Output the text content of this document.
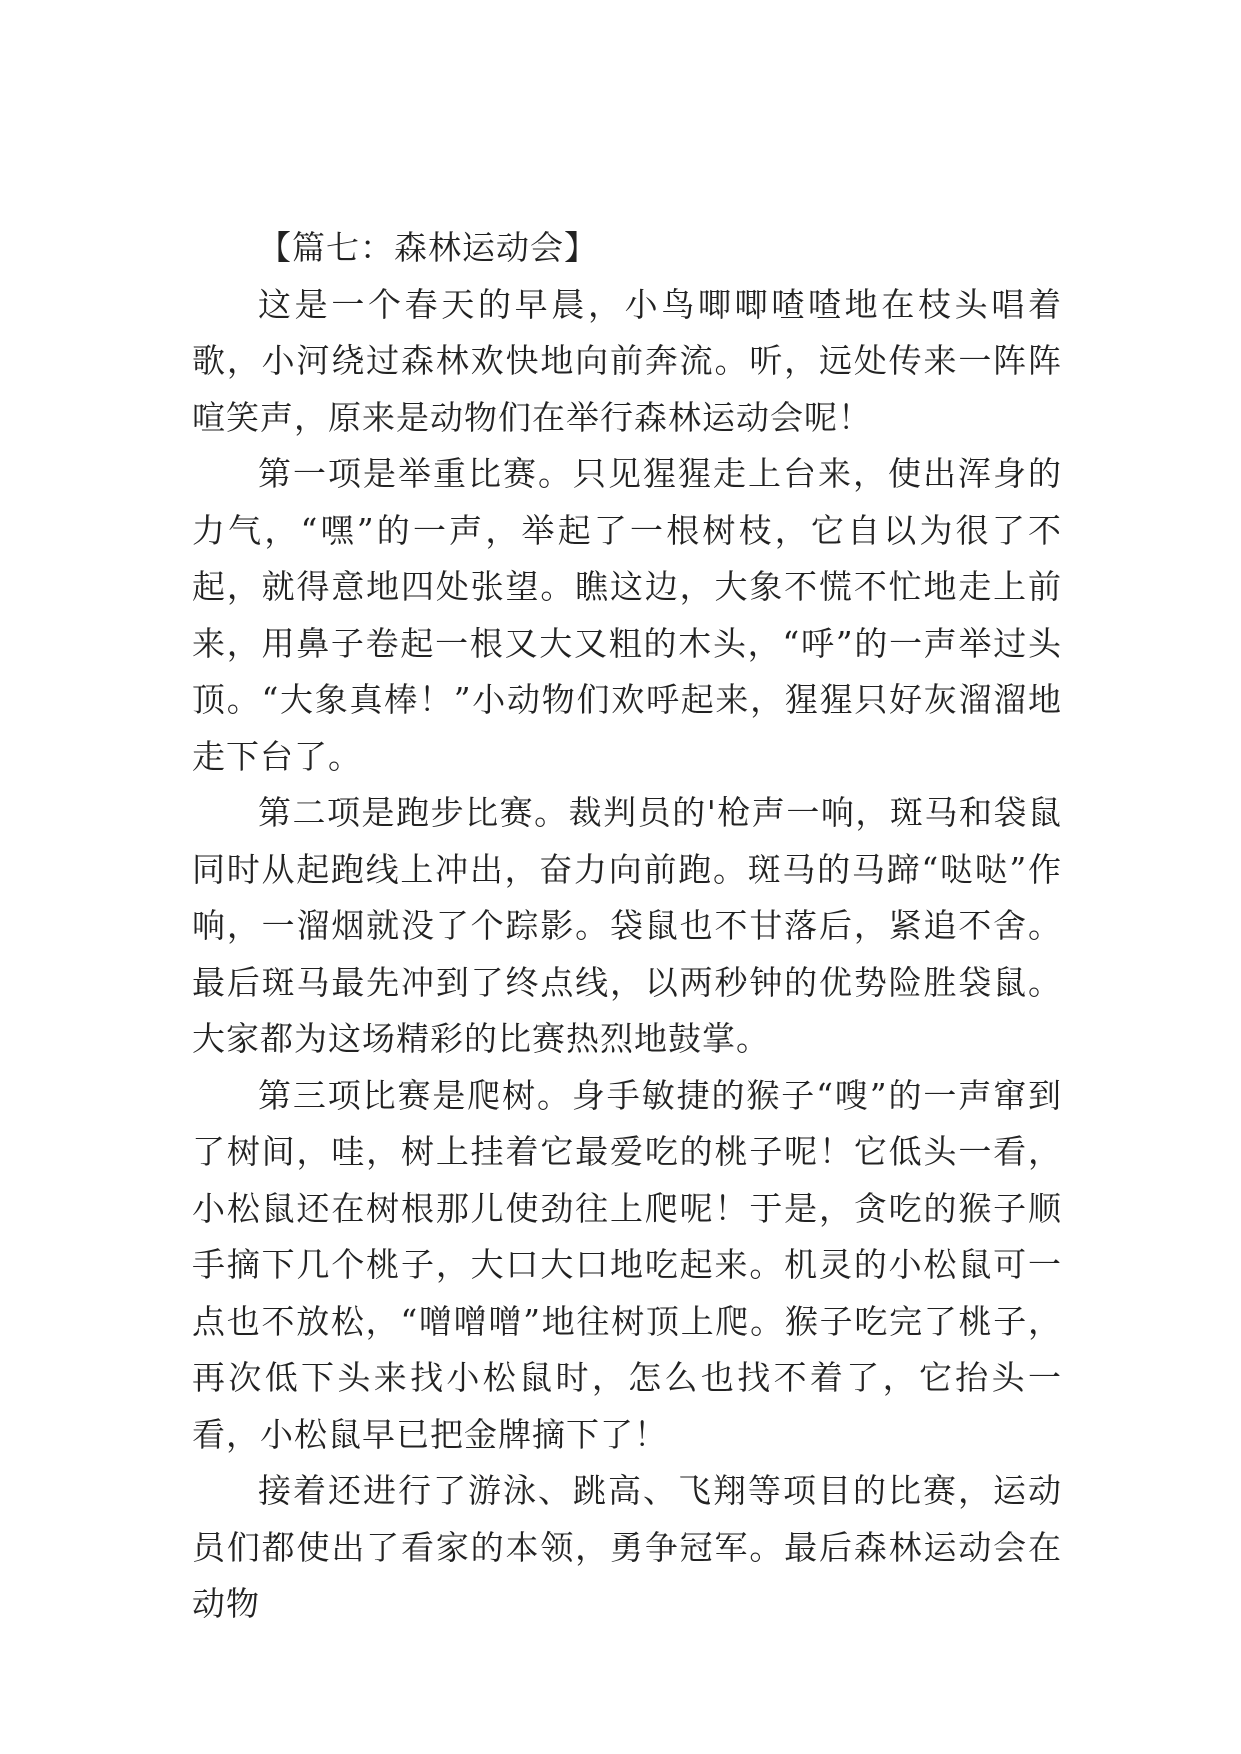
【篇七：森林运动会】

这是一个春天的早晨，小鸟唧唧喳喳地在枝头唱着歌，小河绕过森林欢快地向前奔流。听，远处传来一阵阵喧笑声，原来是动物们在举行森林运动会呢！

第一项是举重比赛。只见猩猩走上台来，使出浑身的力气，“嘿”的一声，举起了一根树枝，它自以为很了不起，就得意地四处张望。瞧这边，大象不慌不忙地走上前来，用鼻子卷起一根又大又粗的木头，“呼”的一声举过头顶。“大象真棒！”小动物们欢呼起来，猩猩只好灰溜溜地走下台了。

第二项是跑步比赛。裁判员的'枪声一响，斑马和袋鼠同时从起跑线上冲出，奋力向前跑。斑马的马蹄“哒哒”作响，一溜烟就没了个踪影。袋鼠也不甘落后，紧追不舍。最后斑马最先冲到了终点线，以两秒钟的优势险胜袋鼠。大家都为这场精彩的比赛热烈地鼓掌。

第三项比赛是爬树。身手敏捷的猴子“嗖”的一声窜到了树间，哇，树上挂着它最爱吃的桃子呢！它低头一看，小松鼠还在树根那儿使劲往上爬呢！于是，贪吃的猴子顺手摘下几个桃子，大口大口地吃起来。机灵的小松鼠可一点也不放松，“噌噌噌”地往树顶上爬。猴子吃完了桃子，再次低下头来找小松鼠时，怎么也找不着了，它抬头一看，小松鼠早已把金牌摘下了！

接着还进行了游泳、跳高、飞翔等项目的比赛，运动员们都使出了看家的本领，勇争冠军。最后森林运动会在动物
